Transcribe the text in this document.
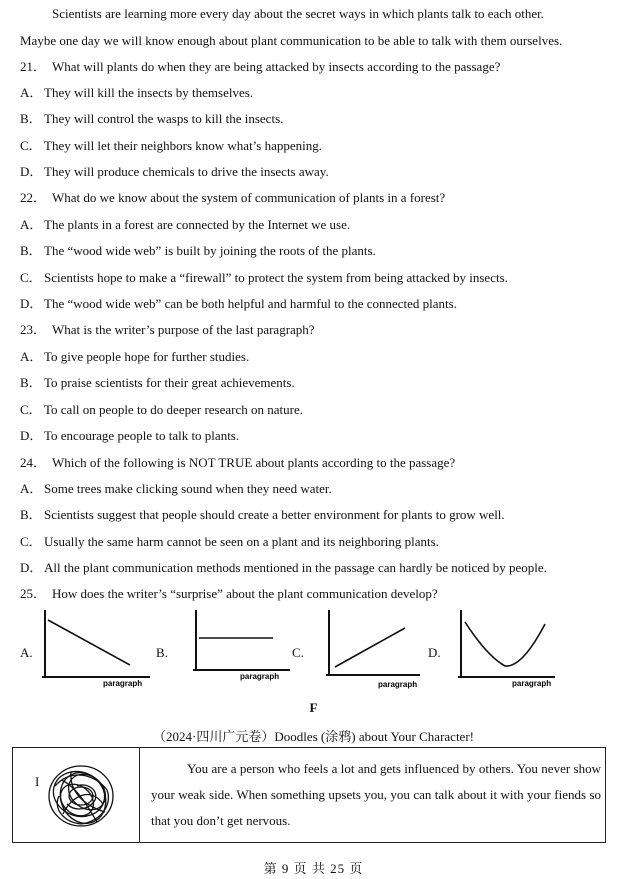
Scientists are learning more every day about the secret ways in which plants talk to each other.
Maybe one day we will know enough about plant communication to be able to talk with them ourselves.
21． What will plants do when they are being attacked by insects according to the passage?
A． They will kill the insects by themselves.
B． They will control the wasps to kill the insects.
C． They will let their neighbors know what’s happening.
D． They will produce chemicals to drive the insects away.
22． What do we know about the system of communication of plants in a forest?
A． The plants in a forest are connected by the Internet we use.
B． The “wood wide web” is built by joining the roots of the plants.
C． Scientists hope to make a “firewall” to protect the system from being attacked by insects.
D． The “wood wide web” can be both helpful and harmful to the connected plants.
23． What is the writer’s purpose of the last paragraph?
A． To give people hope for further studies.
B． To praise scientists for their great achievements.
C． To call on people to do deeper research on nature.
D． To encourage people to talk to plants.
24． Which of the following is NOT TRUE about plants according to the passage?
A． Some trees make clicking sound when they need water.
B． Scientists suggest that people should create a better environment for plants to grow well.
C． Usually the same harm cannot be seen on a plant and its neighboring plants.
D． All the plant communication methods mentioned in the passage can hardly be noticed by people.
25． How does the writer’s “surprise” about the plant communication develop?
A.	B.	C.	D.
paragraph
paragraph
paragraph	paragraph
F
（2024·四川广元卷）Doodles (涂鸦) about Your Character!
I

You are a person who feels a lot and gets influenced by others. You never show your weak side. When something upsets you, you can talk about it with your fiends so that you don’t get nervous.

第 9 页 共 25 页
